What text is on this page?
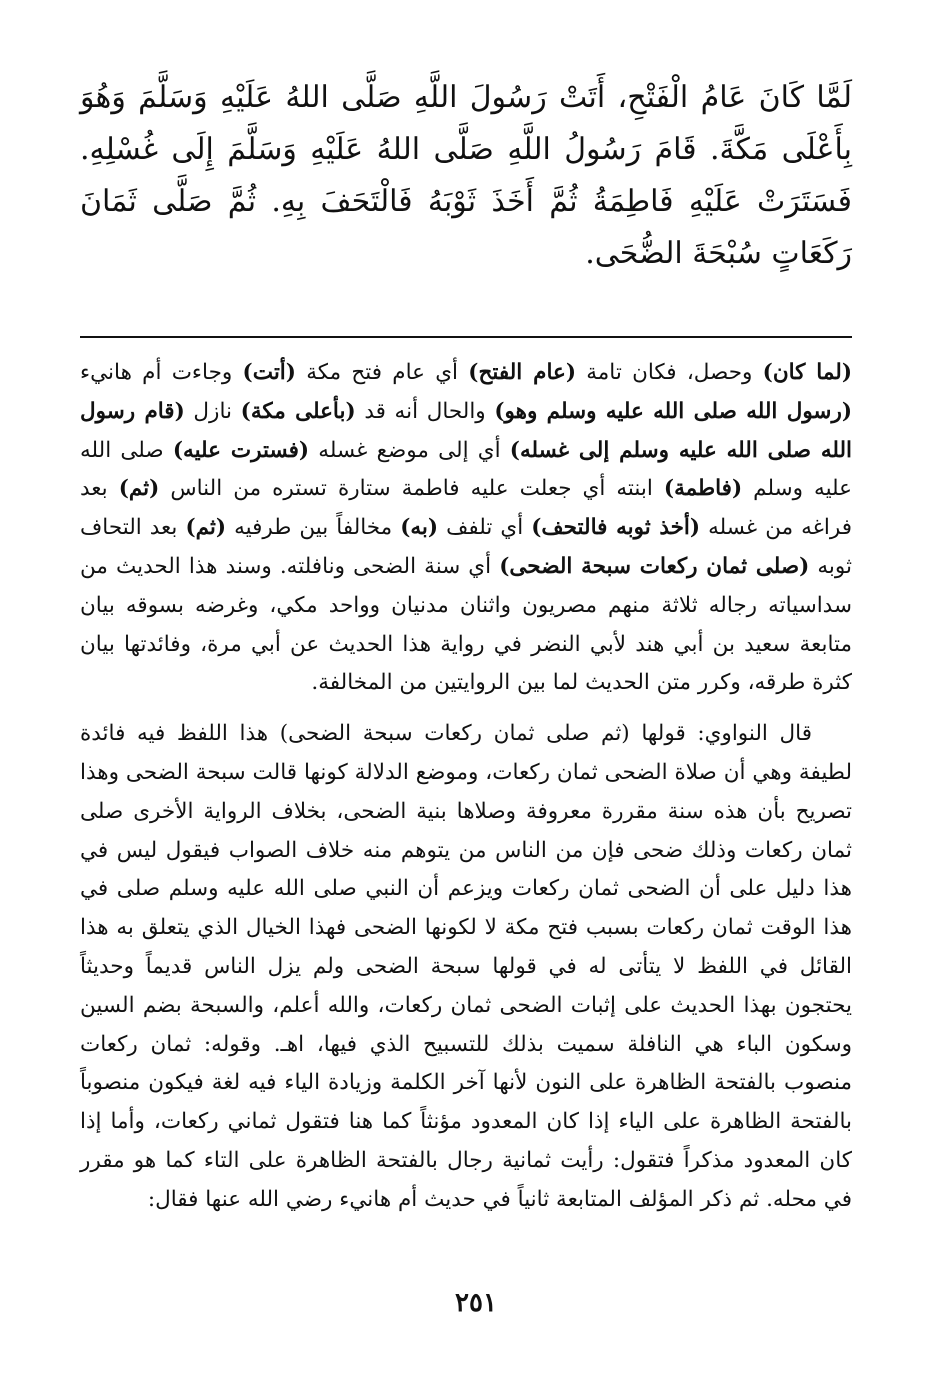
لَمَّا كَانَ عَامُ الْفَتْحِ، أَتَتْ رَسُولَ اللَّهِ صَلَّى اللهُ عَلَيْهِ وَسَلَّمَ وَهُوَ بِأَعْلَى مَكَّةَ. قَامَ رَسُولُ اللَّهِ صَلَّى اللهُ عَلَيْهِ وَسَلَّمَ إِلَى غُسْلِهِ. فَسَتَرَتْ عَلَيْهِ فَاطِمَةُ ثُمَّ أَخَذَ ثَوْبَهُ فَالْتَحَفَ بِهِ. ثُمَّ صَلَّى ثَمَانَ رَكَعَاتٍ سُبْحَةَ الضُّحَى.

(لما كان) وحصل، فكان تامة (عام الفتح) أي عام فتح مكة (أتت) وجاءت أم هانيء (رسول الله صلى الله عليه وسلم وهو) والحال أنه قد (بأعلى مكة) نازل (قام رسول الله صلى الله عليه وسلم إلى غسله) أي إلى موضع غسله (فسترت عليه) صلى الله عليه وسلم (فاطمة) ابنته أي جعلت عليه فاطمة ستارة تستره من الناس (ثم) بعد فراغه من غسله (أخذ ثوبه فالتحف) أي تلفف (به) مخالفاً بين طرفيه (ثم) بعد التحاف ثوبه (صلى ثمان ركعات سبحة الضحى) أي سنة الضحى ونافلته. وسند هذا الحديث من سداسياته رجاله ثلاثة منهم مصريون واثنان مدنيان وواحد مكي، وغرضه بسوقه بيان متابعة سعيد بن أبي هند لأبي النضر في رواية هذا الحديث عن أبي مرة، وفائدتها بيان كثرة طرقه، وكرر متن الحديث لما بين الروايتين من المخالفة.

قال النواوي: قولها (ثم صلى ثمان ركعات سبحة الضحى) هذا اللفظ فيه فائدة لطيفة وهي أن صلاة الضحى ثمان ركعات، وموضع الدلالة كونها قالت سبحة الضحى وهذا تصريح بأن هذه سنة مقررة معروفة وصلاها بنية الضحى، بخلاف الرواية الأخرى صلى ثمان ركعات وذلك ضحى فإن من الناس من يتوهم منه خلاف الصواب فيقول ليس في هذا دليل على أن الضحى ثمان ركعات ويزعم أن النبي صلى الله عليه وسلم صلى في هذا الوقت ثمان ركعات بسبب فتح مكة لا لكونها الضحى فهذا الخيال الذي يتعلق به هذا القائل في اللفظ لا يتأتى له في قولها سبحة الضحى ولم يزل الناس قديماً وحديثاً يحتجون بهذا الحديث على إثبات الضحى ثمان ركعات، والله أعلم، والسبحة بضم السين وسكون الباء هي النافلة سميت بذلك للتسبيح الذي فيها، اهـ. وقوله: ثمان ركعات منصوب بالفتحة الظاهرة على النون لأنها آخر الكلمة وزيادة الياء فيه لغة فيكون منصوباً بالفتحة الظاهرة على الياء إذا كان المعدود مؤنثاً كما هنا فتقول ثماني ركعات، وأما إذا كان المعدود مذكراً فتقول: رأيت ثمانية رجال بالفتحة الظاهرة على التاء كما هو مقرر في محله. ثم ذكر المؤلف المتابعة ثانياً في حديث أم هانيء رضي الله عنها فقال:

٢٥١
